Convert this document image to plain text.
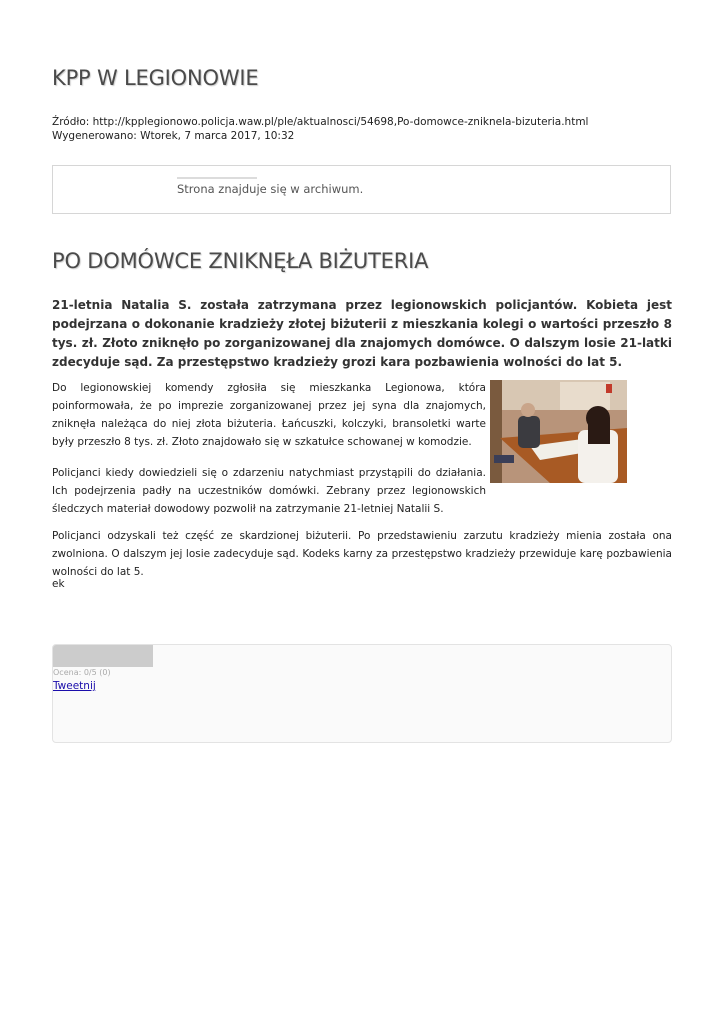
KPP W LEGIONOWIE
Źródło: http://kpplegionowo.policja.waw.pl/ple/aktualnosci/54698,Po-domowce-zniknela-bizuteria.html
Wygenerowano: Wtorek, 7 marca 2017, 10:32
Strona znajduje się w archiwum.
PO DOMÓWCE ZNIKNĘŁA BIŻUTERIA

21-letnia Natalia S. została zatrzymana przez legionowskich policjantów. Kobieta jest podejrzana o dokonanie kradzieży złotej biżuterii z mieszkania kolegi o wartości przeszło 8 tys. zł. Złoto zniknęło po zorganizowanej dla znajomych domówce. O dalszym losie 21-latki zdecyduje sąd. Za przestępstwo kradzieży grozi kara pozbawienia wolności do lat 5.

Do legionowskiej komendy zgłosiła się mieszkanka Legionowa, która poinformowała, że po imprezie zorganizowanej przez jej syna dla znajomych, zniknęła należąca do niej złota biżuteria. Łańcuszki, kolczyki, bransoletki warte były przeszło 8 tys. zł. Złoto znajdowało się w szkatułce schowanej w komodzie.

Policjanci kiedy dowiedzieli się o zdarzeniu natychmiast przystąpili do działania. Ich podejrzenia padły na uczestników domówki. Zebrany przez legionowskich śledczych materiał dowodowy pozwolił na zatrzymanie 21-letniej Natalii S.

Policjanci odzyskali też część ze skardzionej biżuterii. Po przedstawieniu zarzutu kradzieży mienia została ona zwolniona. O dalszym jej losie zadecyduje sąd. Kodeks karny za przestępstwo kradzieży przewiduje karę pozbawienia wolności do lat 5.

ek

Ocena: 0/5 (0)
Tweetnij
